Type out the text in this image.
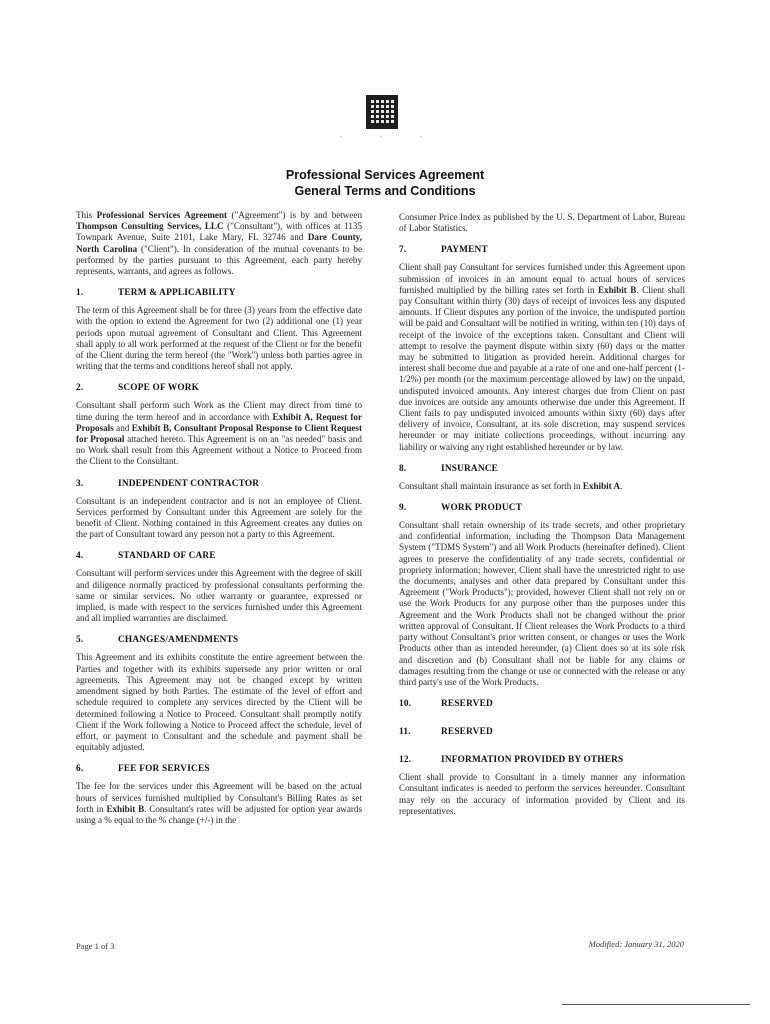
. . .
Professional Services Agreement
General Terms and Conditions

This Professional Services Agreement ("Agreement") is by and between Thompson Consulting Services, LLC ("Consultant"), with offices at 1135 Townpark Avenue, Suite 2101, Lake Mary, FL 32746 and Dare County, North Carolina ("Client"). In consideration of the mutual covenants to be performed by the parties pursuant to this Agreement, each party hereby represents, warrants, and agrees as follows.

1.	TERM & APPLICABILITY

The term of this Agreement shall be for three (3) years from the effective date with the option to extend the Agreement for two (2) additional one (1) year periods upon mutual agreement of Consultant and Client. This Agreement shall apply to all work performed at the request of the Client or for the benefit of the Client during the term hereof (the "Work") unless both parties agree in writing that the terms and conditions hereof shall not apply.

2.	SCOPE OF WORK

Consultant shall perform such Work as the Client may direct from time to time during the term hereof and in accordance with Exhibit A, Request for Proposals and Exhibit B, Consultant Proposal Response to Client Request for Proposal attached hereto. This Agreement is on an "as needed" basis and no Work shall result from this Agreement without a Notice to Proceed from the Client to the Consultant.

3.	INDEPENDENT CONTRACTOR

Consultant is an independent contractor and is not an employee of Client. Services performed by Consultant under this Agreement are solely for the benefit of Client. Nothing contained in this Agreement creates any duties on the part of Consultant toward any person not a party to this Agreement.

4.	STANDARD OF CARE

Consultant will perform services under this Agreement with the degree of skill and diligence normally practiced by professional consultants performing the same or similar services. No other warranty or guarantee, expressed or implied, is made with respect to the services furnished under this Agreement and all implied warranties are disclaimed.

5.	CHANGES/AMENDMENTS

This Agreement and its exhibits constitute the entire agreement between the Parties and together with its exhibits supersede any prior written or oral agreements. This Agreement may not be changed except by written amendment signed by both Parties. The estimate of the level of effort and schedule required to complete any services directed by the Client will be determined following a Notice to Proceed. Consultant shall promptly notify Client if the Work following a Notice to Proceed affect the schedule, level of effort, or payment to Consultant and the schedule and payment shall be equitably adjusted.

6.	FEE FOR SERVICES

The fee for the services under this Agreement will be based on the actual hours of services furnished multiplied by Consultant's Billing Rates as set forth in Exhibit B. Consultant's rates will be adjusted for option year awards using a % equal to the % change (+/-) in the

Consumer Price Index as published by the U. S. Department of Labor, Bureau of Labor Statistics.

7.	PAYMENT

Client shall pay Consultant for services furnished under this Agreement upon submission of invoices in an amount equal to actual hours of services furnished multiplied by the billing rates set forth in Exhibit B. Client shall pay Consultant within thirty (30) days of receipt of invoices less any disputed amounts. If Client disputes any portion of the invoice, the undisputed portion will be paid and Consultant will be notified in writing, within ten (10) days of receipt of the invoice of the exceptions taken. Consultant and Client will attempt to resolve the payment dispute within sixty (60) days or the matter may be submitted to litigation as provided herein. Additional charges for interest shall become due and payable at a rate of one and one-half percent (1-1/2%) per month (or the maximum percentage allowed by law) on the unpaid, undisputed invoiced amounts. Any interest charges due from Client on past due invoices are outside any amounts otherwise due under this Agreement. If Client fails to pay undisputed invoiced amounts within sixty (60) days after delivery of invoice, Consultant, at its sole discretion, may suspend services hereunder or may initiate collections proceedings, without incurring any liability or waiving any right established hereunder or by law.

8.	INSURANCE

Consultant shall maintain insurance as set forth in Exhibit A.

9.	WORK PRODUCT

Consultant shall retain ownership of its trade secrets, and other proprietary and confidential information, including the Thompson Data Management System ("TDMS System") and all Work Products (hereinafter defined). Client agrees to preserve the confidentiality of any trade secrets, confidential or propriety information; however, Client shall have the unrestricted right to use the documents, analyses and other data prepared by Consultant under this Agreement ("Work Products"); provided, however Client shall not rely on or use the Work Products for any purpose other than the purposes under this Agreement and the Work Products shall not be changed without the prior written approval of Consultant. If Client releases the Work Products to a third party without Consultant's prior written consent, or changes or uses the Work Products other than as intended hereunder, (a) Client does so at its sole risk and discretion and (b) Consultant shall not be liable for any claims or damages resulting from the change or use or connected with the release or any third party's use of the Work Products.

10.	RESERVED
11.	RESERVED
12.	INFORMATION PROVIDED BY OTHERS

Client shall provide to Consultant in a timely manner any information Consultant indicates is needed to perform the services hereunder. Consultant may rely on the accuracy of information provided by Client and its representatives.

Page 1 of 3	Modified: January 31, 2020
